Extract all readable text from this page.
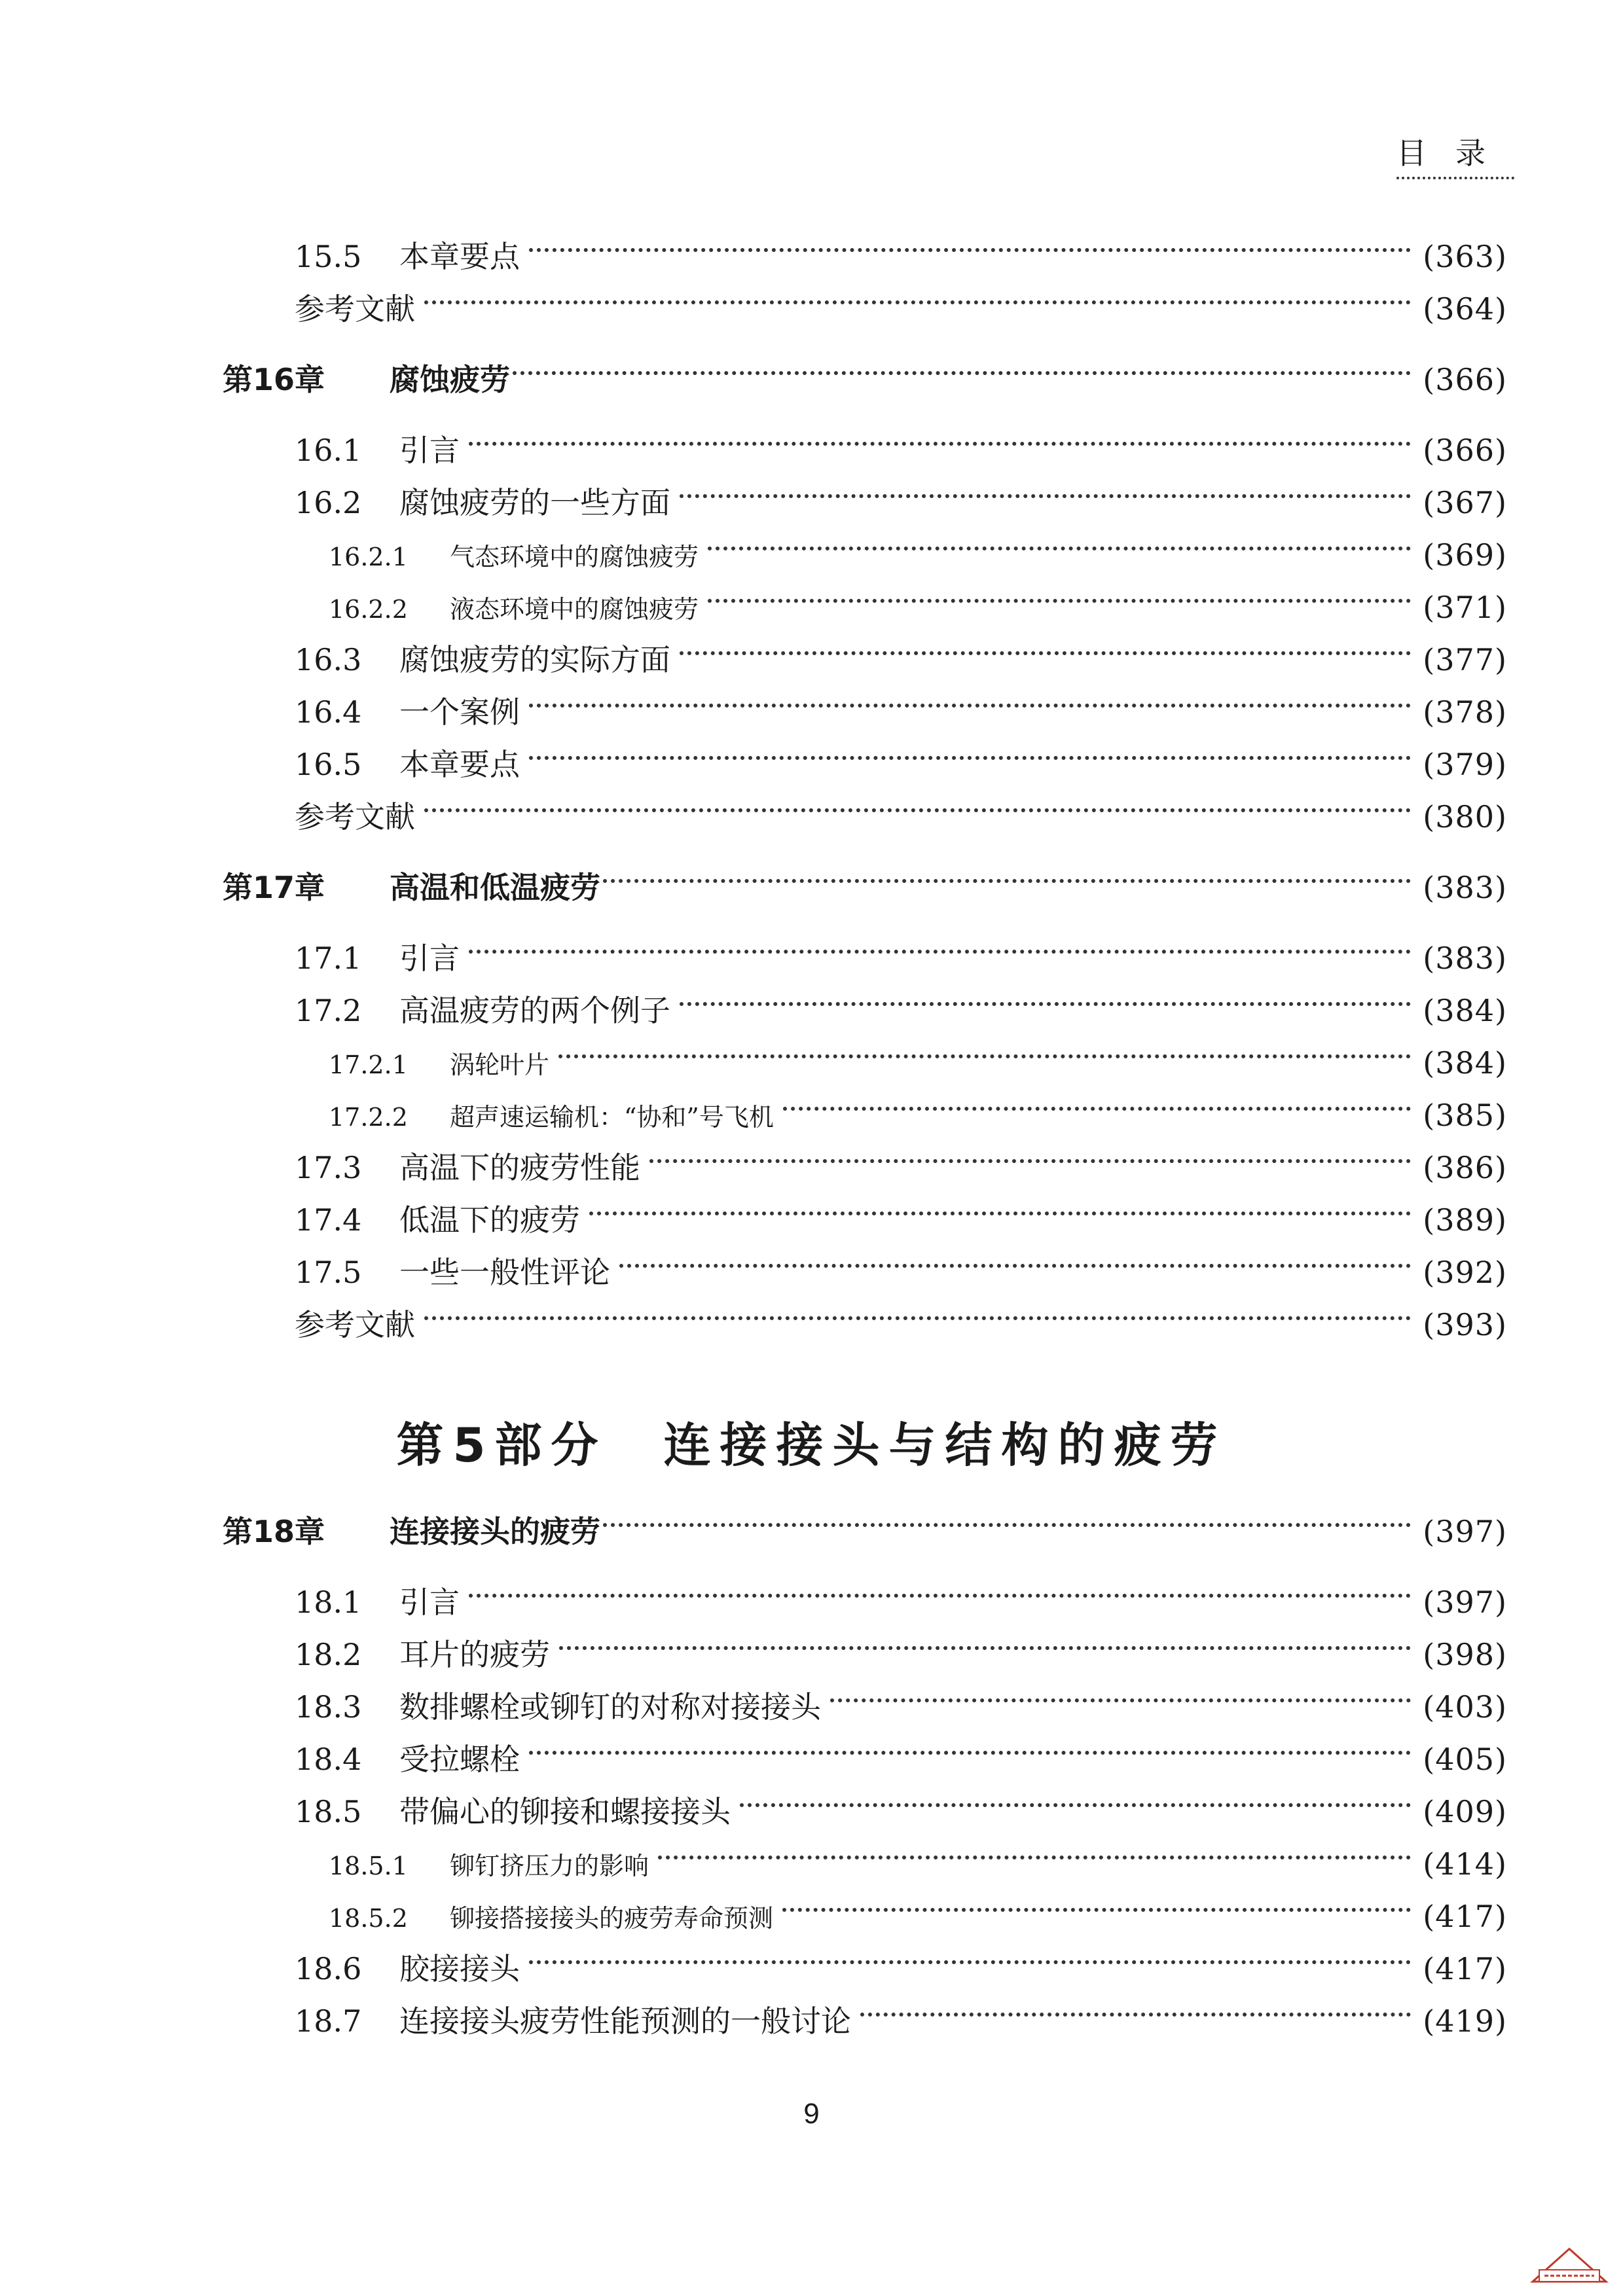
目录
15.5	本章要点	(363)
参考文献	(364)
第16章	腐蚀疲劳	(366)
16.1	引言	(366)
16.2	腐蚀疲劳的一些方面	(367)
16.2.1	气态环境中的腐蚀疲劳	(369)
16.2.2	液态环境中的腐蚀疲劳	(371)
16.3	腐蚀疲劳的实际方面	(377)
16.4	一个案例	(378)
16.5	本章要点	(379)
参考文献	(380)
第17章	高温和低温疲劳	(383)
17.1	引言	(383)
17.2	高温疲劳的两个例子	(384)
17.2.1	涡轮叶片	(384)
17.2.2	超声速运输机：“协和”号飞机	(385)
17.3	高温下的疲劳性能	(386)
17.4	低温下的疲劳	(389)
17.5	一些一般性评论	(392)
参考文献	(393)
第18章	连接接头的疲劳	(397)
18.1	引言	(397)
18.2	耳片的疲劳	(398)
18.3	数排螺栓或铆钉的对称对接接头	(403)
18.4	受拉螺栓	(405)
18.5	带偏心的铆接和螺接接头	(409)
18.5.1	铆钉挤压力的影响	(414)
18.5.2	铆接搭接接头的疲劳寿命预测	(417)
18.6	胶接接头	(417)
18.7	连接接头疲劳性能预测的一般讨论	(419)
第5部分　连接接头与结构的疲劳
9
